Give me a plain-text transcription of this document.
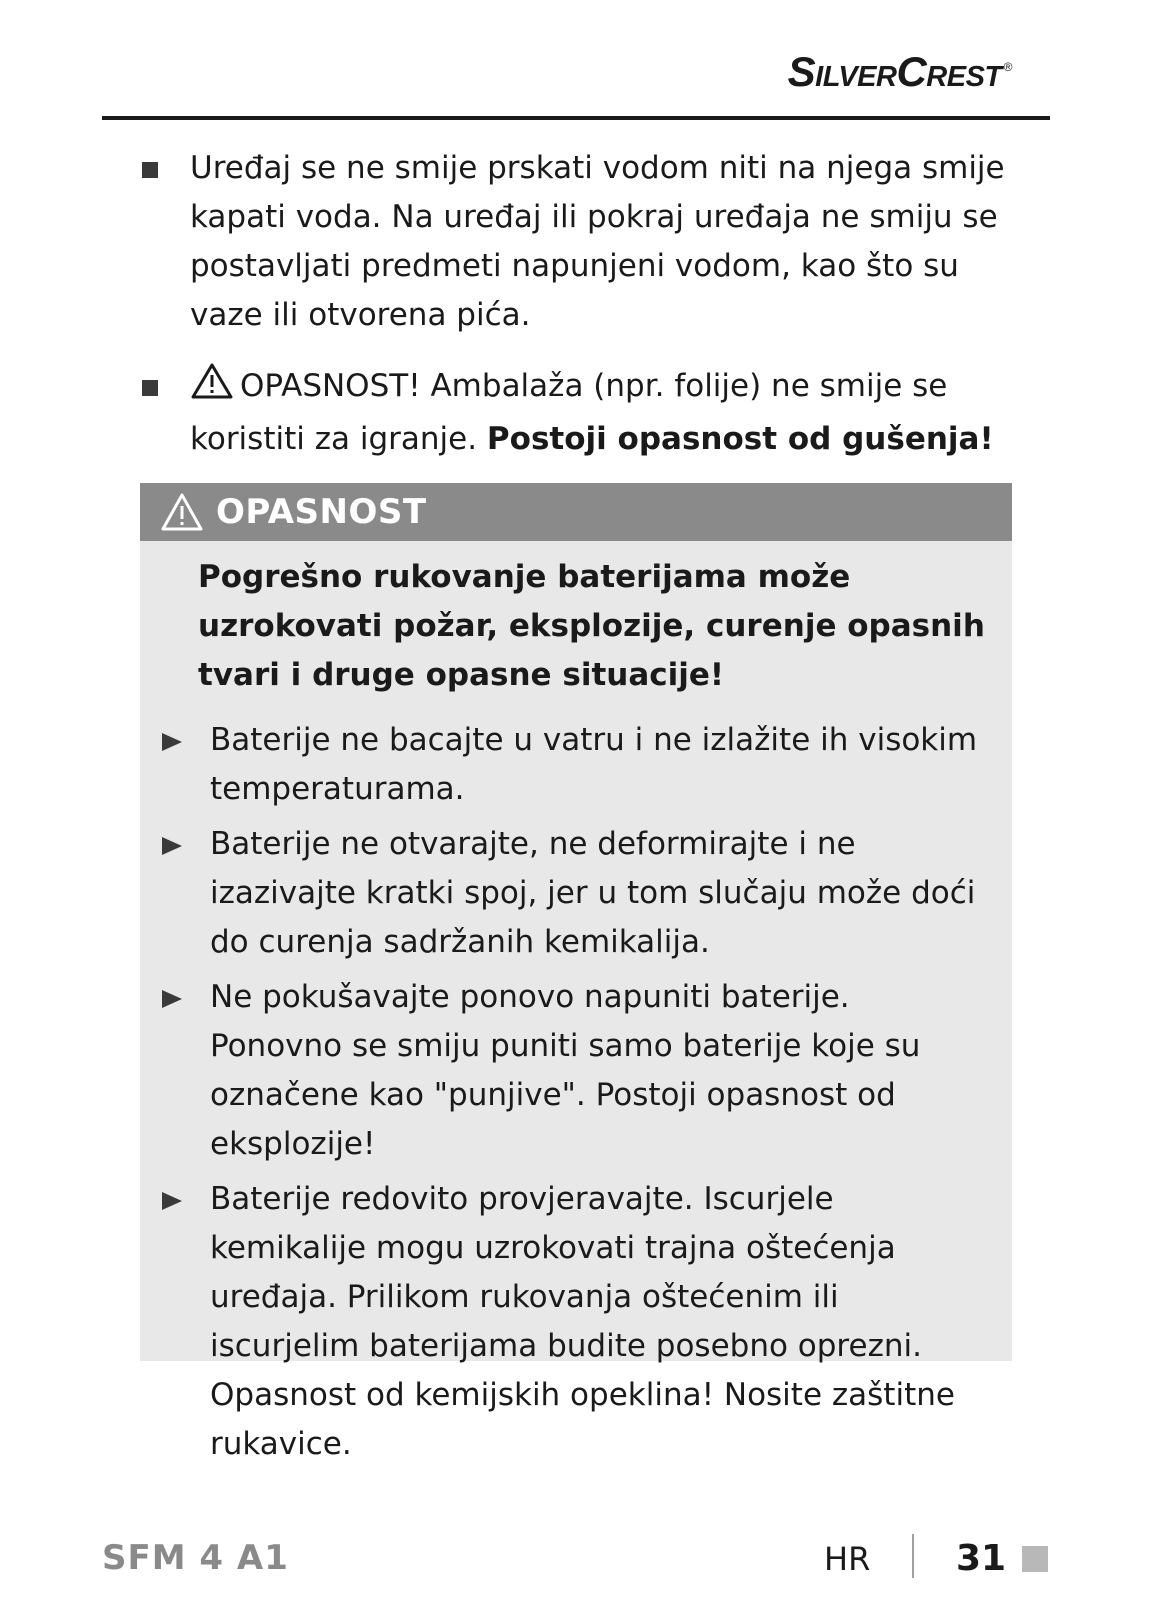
SilverCrest ®
Uređaj se ne smije prskati vodom niti na njega smije kapati voda. Na uređaj ili pokraj uređaja ne smiju se postavljati predmeti napunjeni vodom, kao što su vaze ili otvorena pića.
OPASNOST! Ambalaža (npr. folije) ne smije se koristiti za igranje. Postoji opasnost od gušenja!
OPASNOST
Pogrešno rukovanje baterijama može uzrokovati požar, eksplozije, curenje opasnih tvari i druge opasne situacije!
Baterije ne bacajte u vatru i ne izlažite ih visokim temperaturama.
Baterije ne otvarajte, ne deformirajte i ne izazivajte kratki spoj, jer u tom slučaju može doći do curenja sadržanih kemikalija.
Ne pokušavajte ponovo napuniti baterije. Ponovno se smiju puniti samo baterije koje su označene kao "punjive". Postoji opasnost od eksplozije!
Baterije redovito provjeravajte. Iscurjele kemikalije mogu uzrokovati trajna oštećenja uređaja. Prilikom rukovanja oštećenim ili iscurjelim baterijama budite posebno oprezni. Opasnost od kemijskih opeklina! Nosite zaštitne rukavice.
SFM 4 A1	HR 31
